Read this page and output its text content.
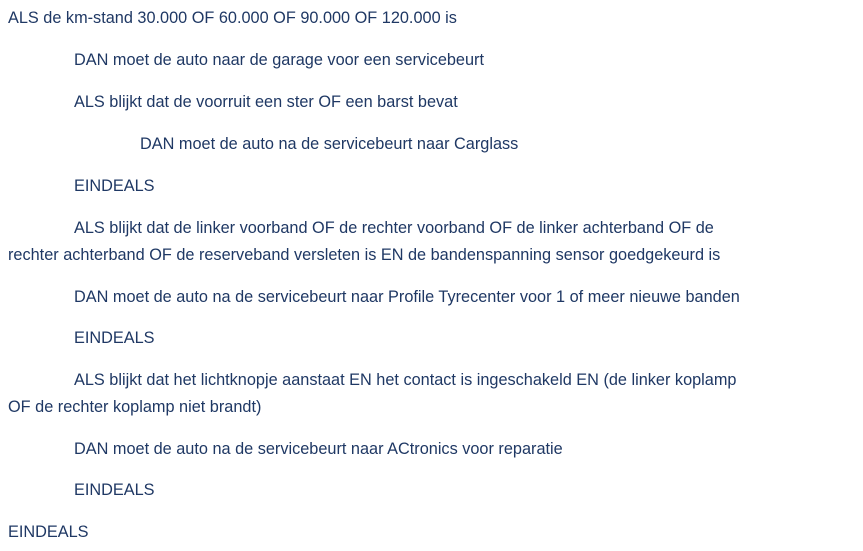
ALS de km-stand 30.000 OF 60.000 OF 90.000 OF 120.000 is
DAN moet de auto naar de garage voor een servicebeurt
ALS blijkt dat de voorruit een ster OF een barst bevat
DAN moet de auto na de servicebeurt naar Carglass
EINDEALS
ALS blijkt dat de linker voorband OF de rechter voorband OF de linker achterband OF de
rechter achterband OF de reserveband versleten is EN de bandenspanning sensor goedgekeurd is
DAN moet de auto na de servicebeurt naar Profile Tyrecenter voor 1 of meer nieuwe banden
EINDEALS
ALS blijkt dat het lichtknopje aanstaat EN het contact is ingeschakeld EN (de linker koplamp
OF de rechter koplamp niet brandt)
DAN moet de auto na de servicebeurt naar ACtronics voor reparatie
EINDEALS
EINDEALS
